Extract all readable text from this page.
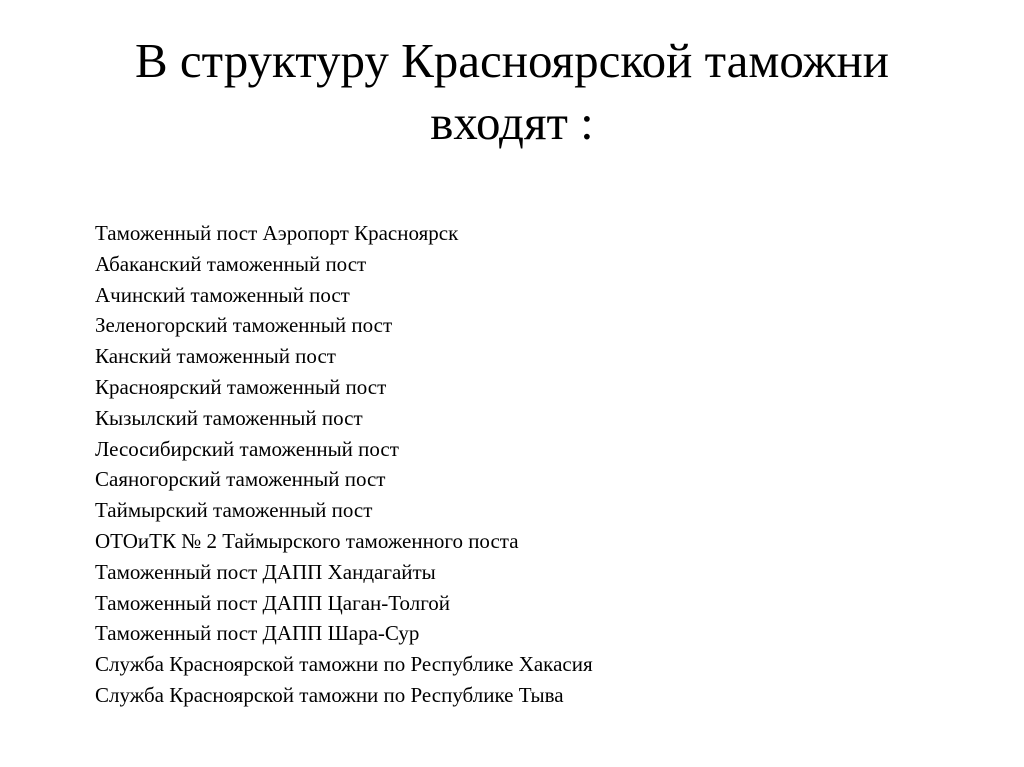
В структуру Красноярской таможни
входят :
Таможенный пост Аэропорт Красноярск
Абаканский таможенный пост
Ачинский таможенный пост
Зеленогорский таможенный пост
Канский таможенный пост
Красноярский таможенный пост
Кызылский таможенный пост
Лесосибирский таможенный пост
Саяногорский таможенный пост
Таймырский таможенный пост
ОТОиТК № 2 Таймырского таможенного поста
Таможенный пост ДАПП Хандагайты
Таможенный пост ДАПП Цаган-Толгой
Таможенный пост ДАПП Шара-Сур
Служба Красноярской таможни по Республике Хакасия
Служба Красноярской таможни по Республике Тыва
